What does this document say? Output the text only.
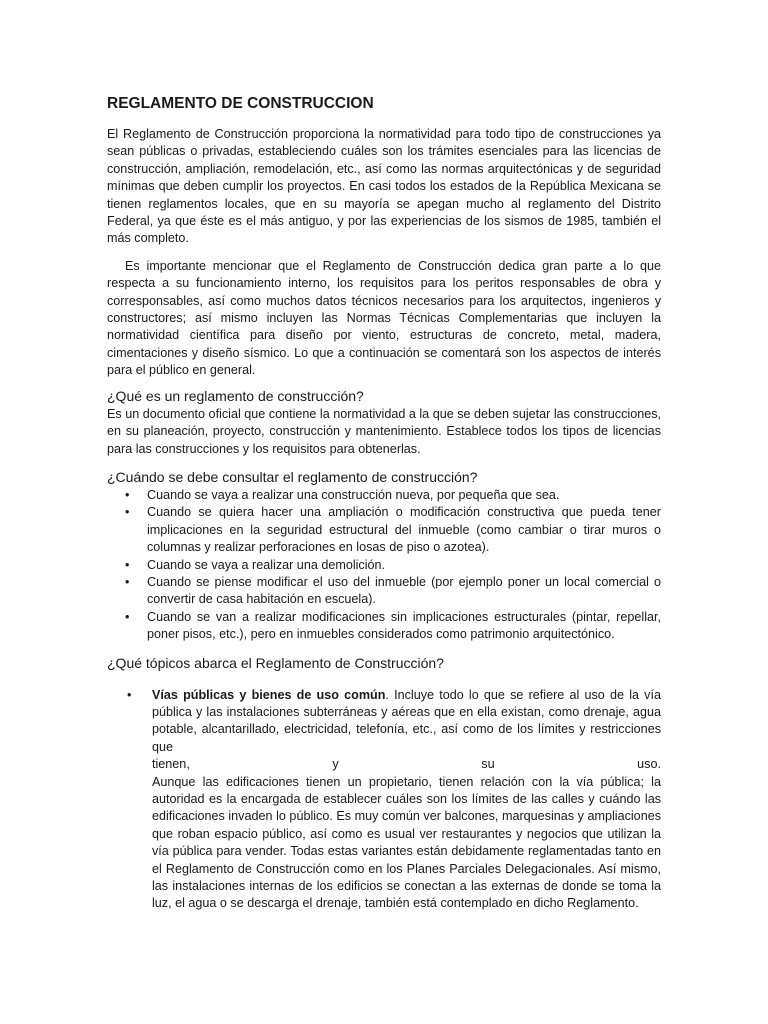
REGLAMENTO DE CONSTRUCCION

El Reglamento de Construcción proporciona la normatividad para todo tipo de construcciones ya sean públicas o privadas, estableciendo cuáles son los trámites esenciales para las licencias de construcción, ampliación, remodelación, etc., así como las normas arquitectónicas y de seguridad mínimas que deben cumplir los proyectos. En casi todos los estados de la República Mexicana se tienen reglamentos locales, que en su mayoría se apegan mucho al reglamento del Distrito Federal, ya que éste es el más antiguo, y por las experiencias de los sismos de 1985, también el más completo.

Es importante mencionar que el Reglamento de Construcción dedica gran parte a lo que respecta a su funcionamiento interno, los requisitos para los peritos responsables de obra y corresponsables, así como muchos datos técnicos necesarios para los arquitectos, ingenieros y constructores; así mismo incluyen las Normas Técnicas Complementarias que incluyen la normatividad científica para diseño por viento, estructuras de concreto, metal, madera, cimentaciones y diseño sísmico. Lo que a continuación se comentará son los aspectos de interés para el público en general.

¿Qué es un reglamento de construcción?

Es un documento oficial que contiene la normatividad a la que se deben sujetar las construcciones, en su planeación, proyecto, construcción y mantenimiento. Establece todos los tipos de licencias para las construcciones y los requisitos para obtenerlas.

¿Cuándo se debe consultar el reglamento de construcción?
• Cuando se vaya a realizar una construcción nueva, por pequeña que sea.
• Cuando se quiera hacer una ampliación o modificación constructiva que pueda tener implicaciones en la seguridad estructural del inmueble (como cambiar o tirar muros o columnas y realizar perforaciones en losas de piso o azotea).
• Cuando se vaya a realizar una demolición.
• Cuando se piense modificar el uso del inmueble (por ejemplo poner un local comercial o convertir de casa habitación en escuela).
• Cuando se van a realizar modificaciones sin implicaciones estructurales (pintar, repellar, poner pisos, etc.), pero en inmuebles considerados como patrimonio arquitectónico.
¿Qué tópicos abarca el Reglamento de Construcción?
• Vías públicas y bienes de uso común. Incluye todo lo que se refiere al uso de la vía pública y las instalaciones subterráneas y aéreas que en ella existan, como drenaje, agua potable, alcantarillado, electricidad, telefonía, etc., así como de los límites y restricciones que
tienen,	y	su	uso.
Aunque las edificaciones tienen un propietario, tienen relación con la vía pública; la autoridad es la encargada de establecer cuáles son los límites de las calles y cuándo las edificaciones invaden lo público. Es muy común ver balcones, marquesinas y ampliaciones que roban espacio público, así como es usual ver restaurantes y negocios que utilizan la vía pública para vender. Todas estas variantes están debidamente reglamentadas tanto en el Reglamento de Construcción como en los Planes Parciales Delegacionales. Así mismo, las instalaciones internas de los edificios se conectan a las externas de donde se toma la luz, el agua o se descarga el drenaje, también está contemplado en dicho Reglamento.
